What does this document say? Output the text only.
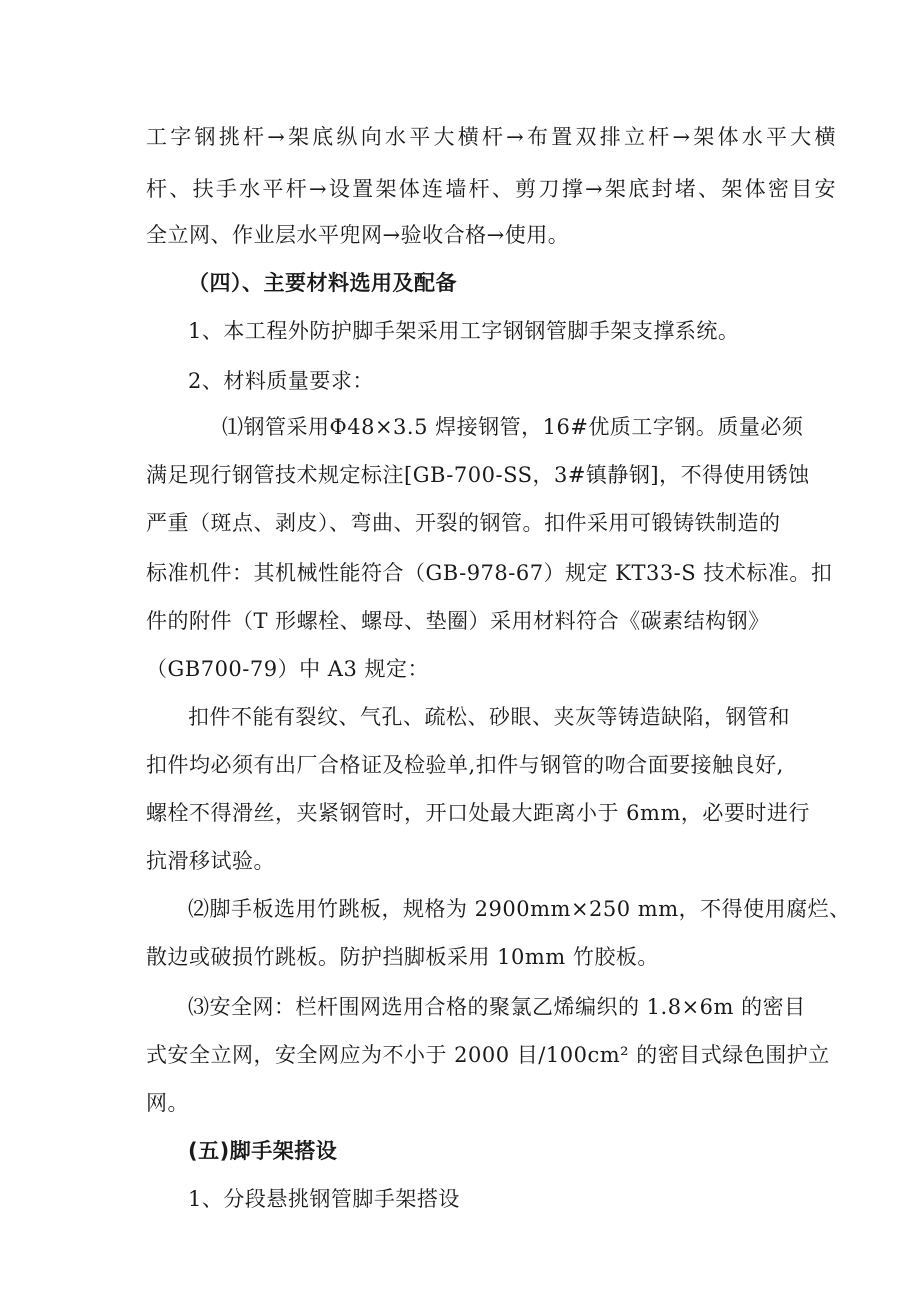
工字钢挑杆→架底纵向水平大横杆→布置双排立杆→架体水平大横
杆、扶手水平杆→设置架体连墙杆、剪刀撑→架底封堵、架体密目安
全立网、作业层水平兜网→验收合格→使用。
（四）、主要材料选用及配备
1、本工程外防护脚手架采用工字钢钢管脚手架支撑系统。
2、材料质量要求：
⑴钢管采用Φ48×3.5 焊接钢管，16#优质工字钢。质量必须
满足现行钢管技术规定标注[GB-700-SS，3#镇静钢]，不得使用锈蚀
严重（斑点、剥皮）、弯曲、开裂的钢管。扣件采用可锻铸铁制造的
标准机件：其机械性能符合（GB-978-67）规定 KT33-S 技术标准。扣
件的附件（T 形螺栓、螺母、垫圈）采用材料符合《碳素结构钢》
（GB700-79）中 A3 规定：
扣件不能有裂纹、气孔、疏松、砂眼、夹灰等铸造缺陷，钢管和
扣件均必须有出厂合格证及检验单,扣件与钢管的吻合面要接触良好,
螺栓不得滑丝，夹紧钢管时，开口处最大距离小于 6mm，必要时进行
抗滑移试验。
⑵脚手板选用竹跳板，规格为 2900mm×250 mm，不得使用腐烂、
散边或破损竹跳板。防护挡脚板采用 10mm 竹胶板。
⑶安全网：栏杆围网选用合格的聚氯乙烯编织的 1.8×6m 的密目
式安全立网，安全网应为不小于 2000 目/100cm² 的密目式绿色围护立
网。
(五)脚手架搭设
1、分段悬挑钢管脚手架搭设
